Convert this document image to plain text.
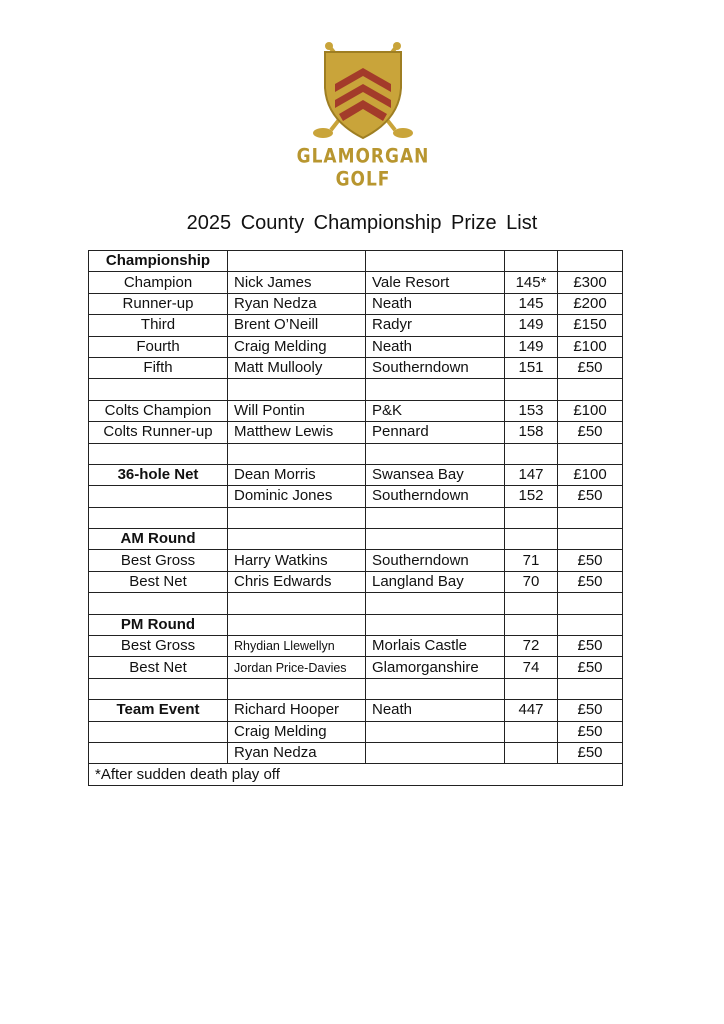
GLAMORGAN GOLF
2025 County Championship Prize List
Championship				
Champion	Nick James	Vale Resort	145*	£300
Runner-up	Ryan Nedza	Neath	145	£200
Third	Brent O’Neill	Radyr	149	£150
Fourth	Craig Melding	Neath	149	£100
Fifth	Matt Mullooly	Southerndown	151	£50

Colts Champion	Will Pontin	P&K	153	£100
Colts Runner-up	Matthew Lewis	Pennard	158	£50

36-hole Net	Dean Morris	Swansea Bay	147	£100
	Dominic Jones	Southerndown	152	£50

AM Round				
Best Gross	Harry Watkins	Southerndown	71	£50
Best Net	Chris Edwards	Langland Bay	70	£50

PM Round				
Best Gross	Rhydian Llewellyn	Morlais Castle	72	£50
Best Net	Jordan Price-Davies	Glamorganshire	74	£50

Team Event	Richard Hooper	Neath	447	£50
	Craig Melding			£50
	Ryan Nedza			£50
*After sudden death play off				
